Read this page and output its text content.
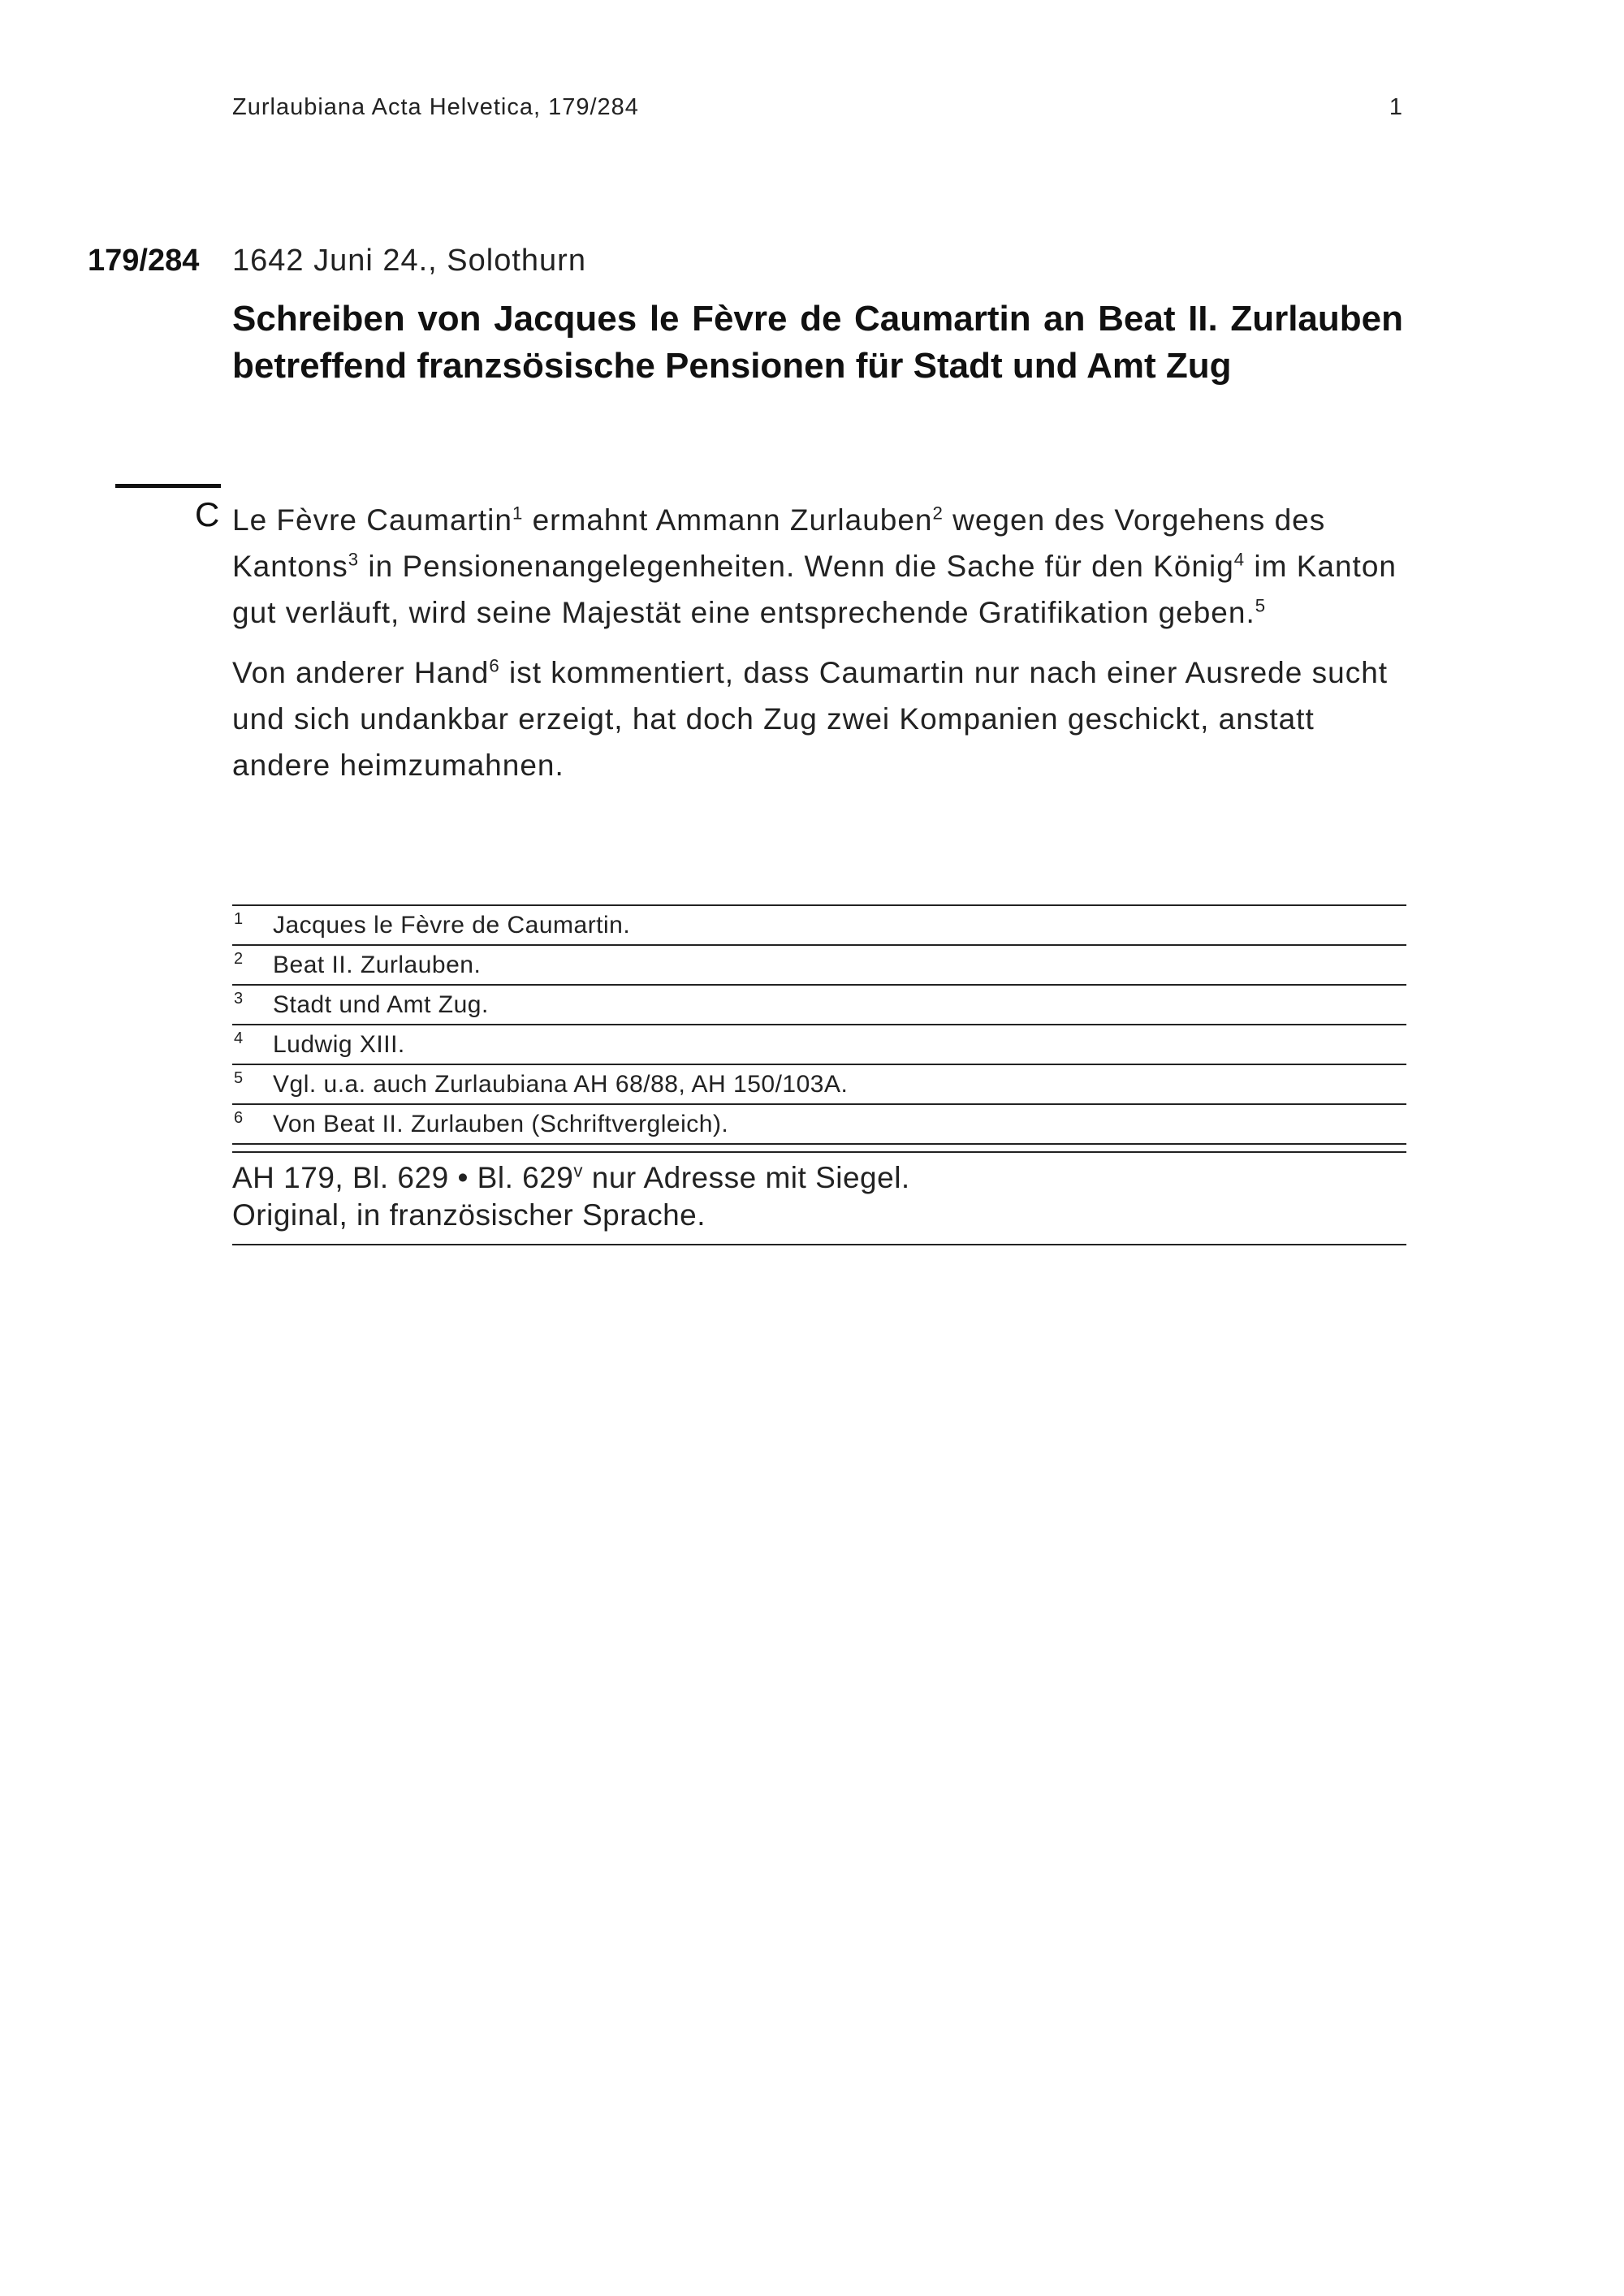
Zurlaubiana Acta Helvetica, 179/284	1
179/284 1642 Juni 24., Solothurn
Schreiben von Jacques le Fèvre de Caumartin an Beat II. Zurlauben betreffend franzsösische Pensionen für Stadt und Amt Zug
C Le Fèvre Caumartin$^1$ ermahnt Ammann Zurlauben$^2$ wegen des Vorgehens des Kantons$^3$ in Pensionenangelegenheiten. Wenn die Sache für den König$^4$ im Kanton gut verläuft, wird seine Majestät eine entsprechende Gratifikation geben.$^5$

Von anderer Hand$^6$ ist kommentiert, dass Caumartin nur nach einer Ausrede sucht und sich undankbar erzeigt, hat doch Zug zwei Kompanien geschickt, anstatt andere heimzumahnen.

1 Jacques le Fèvre de Caumartin.
2 Beat II. Zurlauben.
3 Stadt und Amt Zug.
4 Ludwig XIII.
5 Vgl. u.a. auch Zurlaubiana AH 68/88, AH 150/103A.
6 Von Beat II. Zurlauben (Schriftvergleich).
AH 179, Bl. 629 • Bl. 629$^v$ nur Adresse mit Siegel.
Original, in französischer Sprache.
